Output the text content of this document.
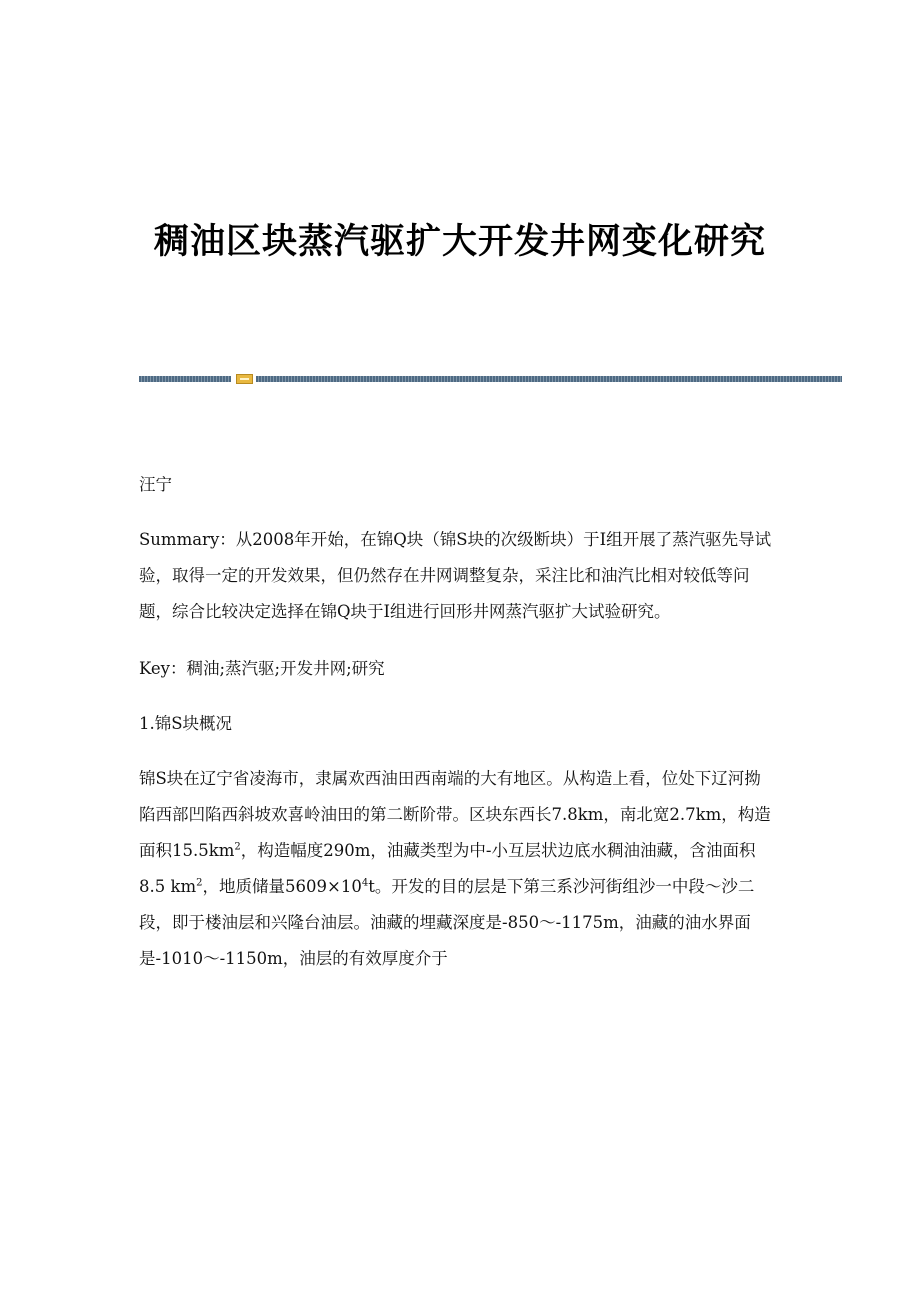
稠油区块蒸汽驱扩大开发井网变化研究

汪宁

Summary：从2008年开始，在锦Q块（锦S块的次级断块）于Ⅰ组开展了蒸汽驱先导试验，取得一定的开发效果，但仍然存在井网调整复杂，采注比和油汽比相对较低等问题，综合比较决定选择在锦Q块于Ⅰ组进行回形井网蒸汽驱扩大试验研究。

Key：稠油;蒸汽驱;开发井网;研究

1.锦S块概况

锦S块在辽宁省凌海市，隶属欢西油田西南端的大有地区。从构造上看，位处下辽河拗陷西部凹陷西斜坡欢喜岭油田的第二断阶带。区块东西长7.8km，南北宽2.7km，构造面积$15.5km^2$，构造幅度290m，油藏类型为中-小互层状边底水稠油油藏，含油面积8.5 $km^2$，地质储量$5609\times 10^4t$。开发的目的层是下第三系沙河街组沙一中段～沙二段，即于楼油层和兴隆台油层。油藏的埋藏深度是-850～-1175m，油藏的油水界面是-1010～-1150m，油层的有效厚度介于
